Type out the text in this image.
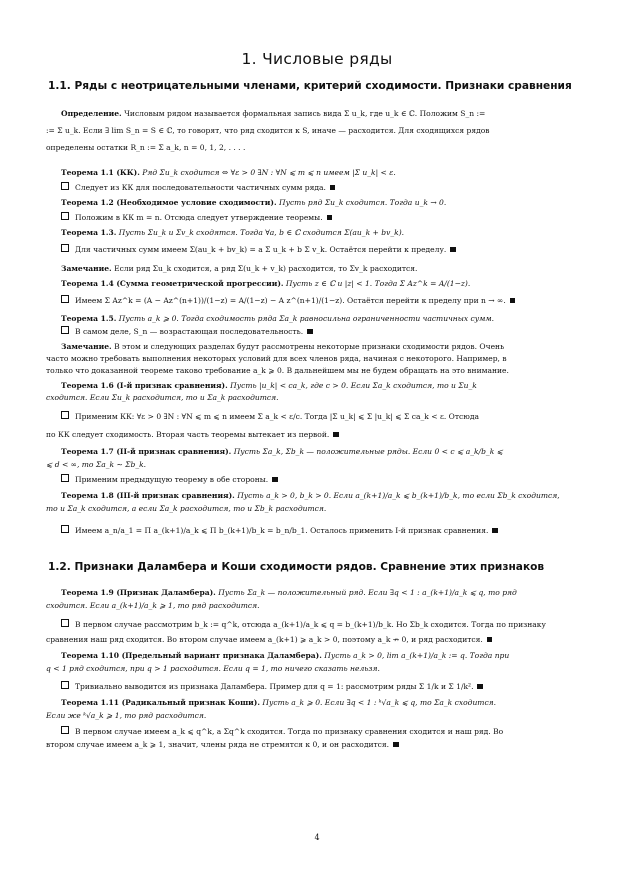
1. Числовые ряды
1.1. Ряды с неотрицательными членами, критерий сходимости. Признаки сравнения
Определение. Числовым рядом называется формальная запись вида Σ u_k, где u_k ∈ ℂ. Положим S_n :=
:= Σ u_k. Если ∃ lim S_n = S ∈ ℂ, то говорят, что ряд сходится к S, иначе — расходится. Для сходящихся рядов
определены остатки R_n := Σ a_k, n = 0, 1, 2, . . . .
Теорема 1.1 (КК). Ряд Σu_k сходится ⇔ ∀ε > 0 ∃N : ∀N ⩽ m ⩽ n имеем |Σ u_k| < ε.
Следует из КК для последовательности частичных сумм ряда.
Теорема 1.2 (Необходимое условие сходимости). Пусть ряд Σu_k сходится. Тогда u_k → 0.
Положим в КК m = n. Отсюда следует утверждение теоремы.
Теорема 1.3. Пусть Σu_k и Σv_k сходятся. Тогда ∀a, b ∈ ℂ сходится Σ(au_k + bv_k).
Для частичных сумм имеем Σ(au_k + bv_k) = a Σ u_k + b Σ v_k. Остаётся перейти к пределу.
Замечание. Если ряд Σu_k сходится, а ряд Σ(u_k + v_k) расходится, то Σv_k расходится.
Теорема 1.4 (Сумма геометрической прогрессии). Пусть z ∈ ℂ и |z| < 1. Тогда Σ Az^k = A/(1−z).
Имеем Σ Az^k = (A − Az^(n+1))/(1−z) = A/(1−z) − A z^(n+1)/(1−z). Остаётся перейти к пределу при n → ∞.
Теорема 1.5. Пусть a_k ⩾ 0. Тогда сходимость ряда Σa_k равносильна ограниченности частичных сумм.
В самом деле, S_n — возрастающая последовательность.
Замечание. В этом и следующих разделах будут рассмотрены некоторые признаки сходимости рядов. Очень
часто можно требовать выполнения некоторых условий для всех членов ряда, начиная с некоторого. Например, в
только что доказанной теореме таково требование a_k ⩾ 0. В дальнейшем мы не будем обращать на это внимание.
Теорема 1.6 (I-й признак сравнения). Пусть |u_k| < ca_k, где c > 0. Если Σa_k сходится, то и Σu_k
сходится. Если Σu_k расходится, то и Σa_k расходится.
Применим КК: ∀ε > 0 ∃N : ∀N ⩽ m ⩽ n имеем Σ a_k < ε/c. Тогда |Σ u_k| ⩽ Σ |u_k| ⩽ Σ ca_k < ε. Отсюда
по КК следует сходимость. Вторая часть теоремы вытекает из первой.
Теорема 1.7 (II-й признак сравнения). Пусть Σa_k, Σb_k — положительные ряды. Если 0 < c ⩽ a_k/b_k ⩽
⩽ d < ∞, то Σa_k ∼ Σb_k.
Применим предыдущую теорему в обе стороны.
Теорема 1.8 (III-й признак сравнения). Пусть a_k > 0, b_k > 0. Если a_(k+1)/a_k ⩽ b_(k+1)/b_k, то если Σb_k сходится,
то и Σa_k сходится, а если Σa_k расходится, то и Σb_k расходится.
Имеем a_n/a_1 = Π a_(k+1)/a_k ⩽ Π b_(k+1)/b_k = b_n/b_1. Осталось применить I-й признак сравнения.
1.2. Признаки Даламбера и Коши сходимости рядов. Сравнение этих признаков
Теорема 1.9 (Признак Даламбера). Пусть Σa_k — положительный ряд. Если ∃q < 1 : a_(k+1)/a_k ⩽ q, то ряд
сходится. Если a_(k+1)/a_k ⩾ 1, то ряд расходится.
В первом случае рассмотрим b_k := q^k, отсюда a_(k+1)/a_k ⩽ q = b_(k+1)/b_k. Но Σb_k сходится. Тогда по признаку
сравнения наш ряд сходится. Во втором случае имеем a_(k+1) ⩾ a_k > 0, поэтому a_k ↛ 0, и ряд расходится.
Теорема 1.10 (Предельный вариант признака Даламбера). Пусть a_k > 0, lim a_(k+1)/a_k := q. Тогда при
q < 1 ряд сходится, при q > 1 расходится. Если q = 1, то ничего сказать нельзя.
Тривиально выводится из признака Даламбера. Пример для q = 1: рассмотрим ряды Σ 1/k и Σ 1/k².
Теорема 1.11 (Радикальный признак Коши). Пусть a_k ⩾ 0. Если ∃q < 1 : ᵏ√a_k ⩽ q, то Σa_k сходится.
Если же ᵏ√a_k ⩾ 1, то ряд расходится.
В первом случае имеем a_k ⩽ q^k, а Σq^k сходится. Тогда по признаку сравнения сходится и наш ряд. Во
втором случае имеем a_k ⩾ 1, значит, члены ряда не стремятся к 0, и он расходится.
4
